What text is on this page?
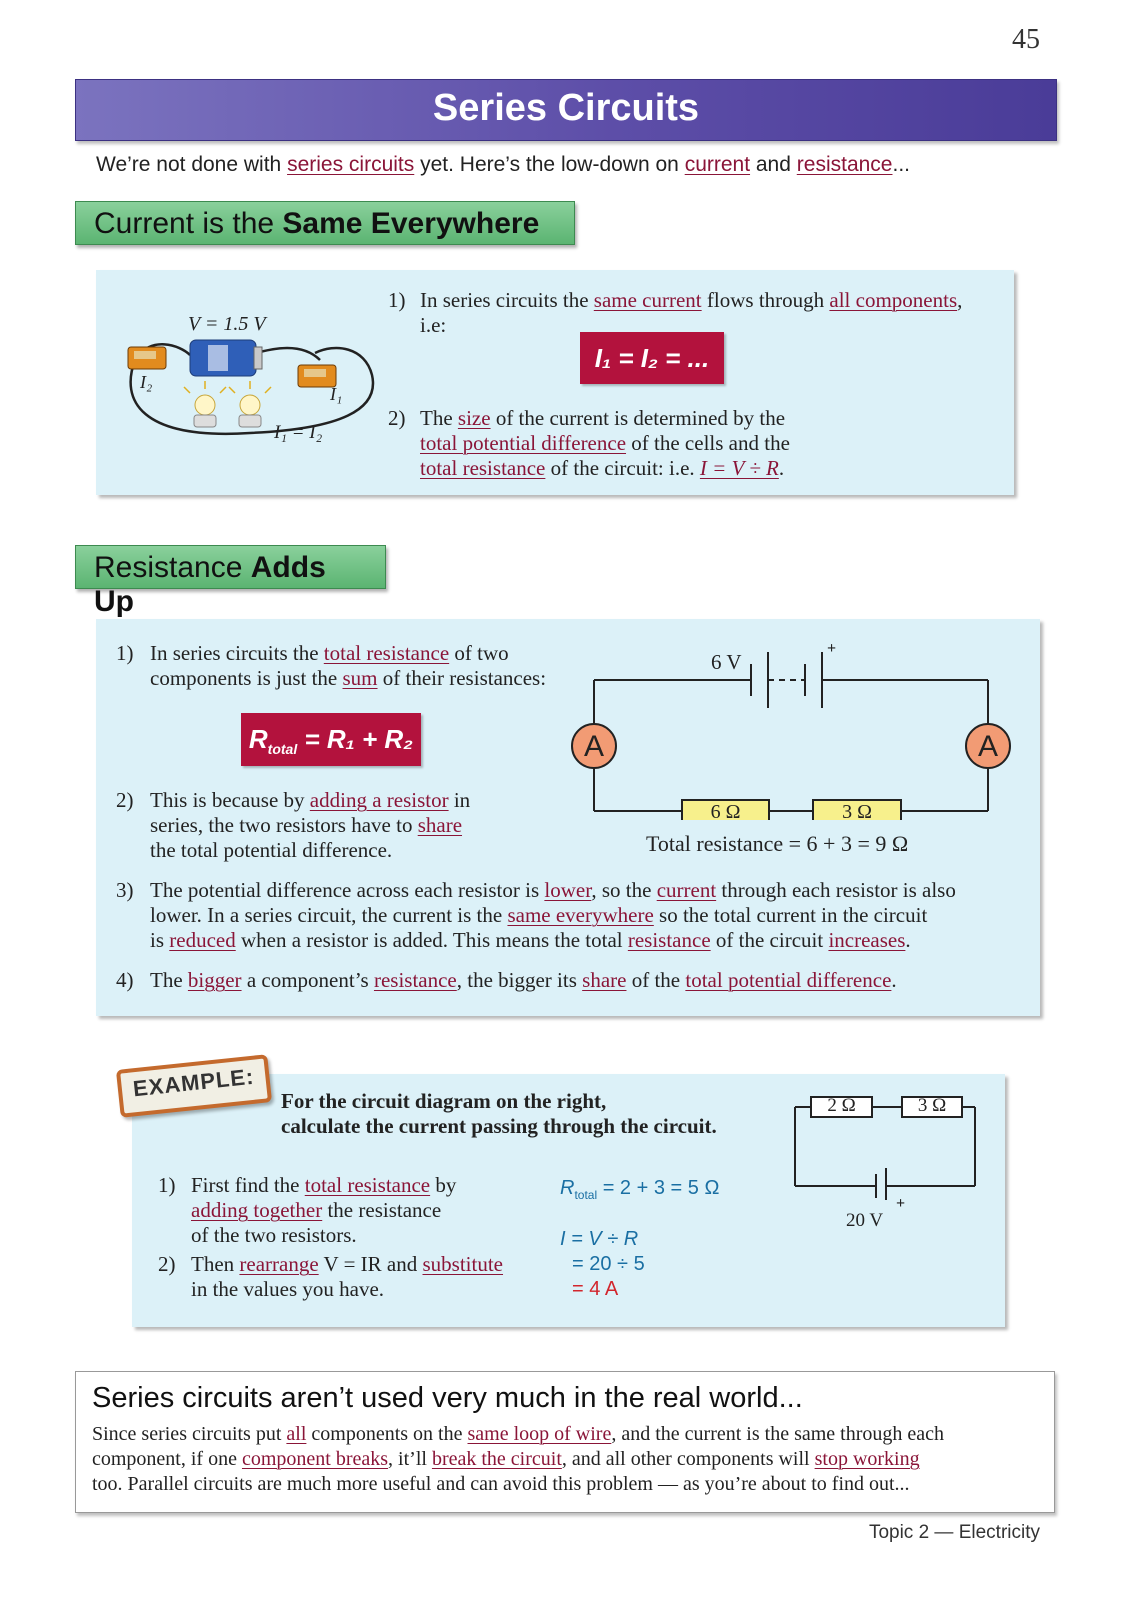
45
Series Circuits
We’re not done with series circuits yet. Here’s the low-down on current and resistance...
Current is the Same Everywhere
V = 1.5 V
I₂
I₁
I₁ = I₂
1) In series circuits the same current flows through all components,
i.e:
I₁ = I₂ = ...
2) The size of the current is determined by the
total potential difference of the cells and the
total resistance of the circuit: i.e. I = V ÷ R.
Resistance Adds Up
1) In series circuits the total resistance of two
components is just the sum of their resistances:
$R_{total} = R_1 + R_2$
2) This is because by adding a resistor in
series, the two resistors have to share
the total potential difference.
6 V
+
A	A
6 Ω	3 Ω
Total resistance = 6 + 3 = 9 Ω
3) The potential difference across each resistor is lower, so the current through each resistor is also
lower. In a series circuit, the current is the same everywhere so the total current in the circuit
is reduced when a resistor is added. This means the total resistance of the circuit increases.
4) The bigger a component’s resistance, the bigger its share of the total potential difference.
EXAMPLE:	For the circuit diagram on the right,
calculate the current passing through the circuit.
1) First find the total resistance by
adding together the resistance
of the two resistors.
2) Then rearrange V = IR and substitute
in the values you have.
$R_{total} = 2 + 3 = 5$ Ω
I = V ÷ R
= 20 ÷ 5
= 4 A
2 Ω	3 Ω
20 V
+
Series circuits aren’t used very much in the real world...
Since series circuits put all components on the same loop of wire, and the current is the same through each
component, if one component breaks, it’ll break the circuit, and all other components will stop working
too. Parallel circuits are much more useful and can avoid this problem — as you’re about to find out...
Topic 2 — Electricity
